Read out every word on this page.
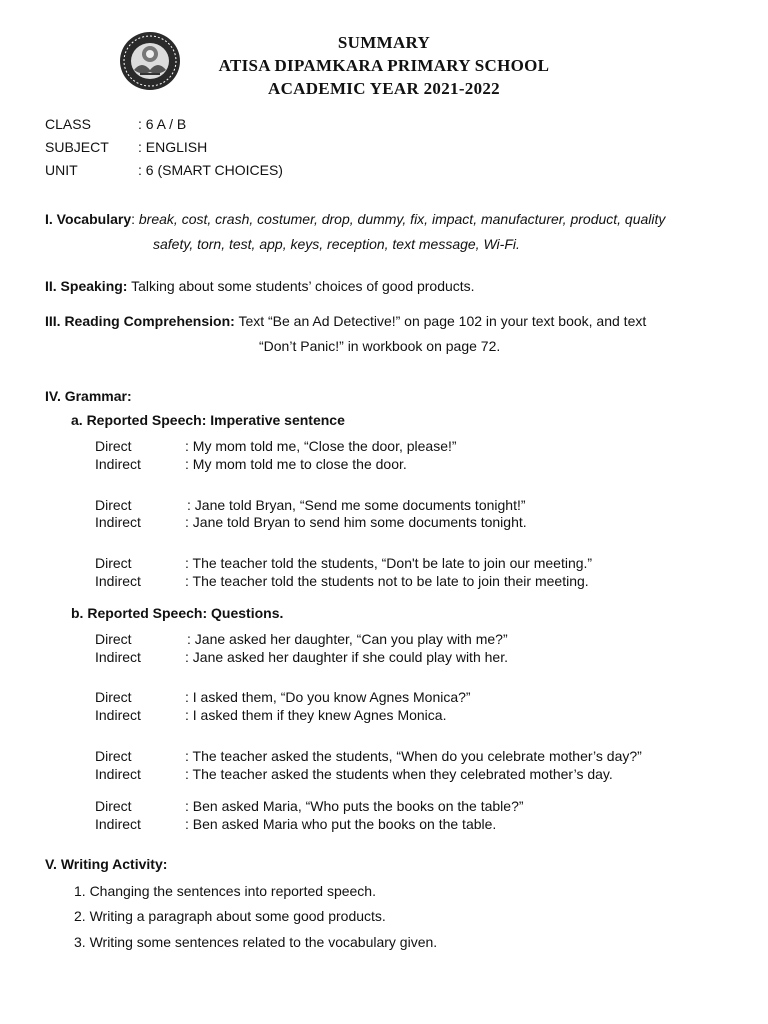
SUMMARY
ATISA DIPAMKARA PRIMARY SCHOOL
ACADEMIC YEAR 2021-2022
CLASS	: 6 A / B
SUBJECT : ENGLISH
UNIT	: 6 (SMART CHOICES)
I. Vocabulary: break, cost, crash, costumer, drop, dummy, fix, impact, manufacturer, product, quality
safety, torn, test, app, keys, reception, text message, Wi-Fi.
II. Speaking: Talking about some students’ choices of good products.
III. Reading Comprehension: Text “Be an Ad Detective!” on page 102 in your text book, and text
“Don’t Panic!” in workbook on page 72.
IV. Grammar:
a. Reported Speech: Imperative sentence
Direct	: My mom told me, “Close the door, please!”
Indirect	: My mom told me to close the door.
Direct	: Jane told Bryan, “Send me some documents tonight!”
Indirect	: Jane told Bryan to send him some documents tonight.
Direct	: The teacher told the students, “Don't be late to join our meeting.”
Indirect	: The teacher told the students not to be late to join their meeting.
b. Reported Speech: Questions.
Direct	: Jane asked her daughter, “Can you play with me?”
Indirect	: Jane asked her daughter if she could play with her.
Direct	: I asked them, “Do you know Agnes Monica?”
Indirect	: I asked them if they knew Agnes Monica.
Direct	: The teacher asked the students, “When do you celebrate mother’s day?”
Indirect	: The teacher asked the students when they celebrated mother’s day.
Direct	: Ben asked Maria, “Who puts the books on the table?”
Indirect	: Ben asked Maria who put the books on the table.
V. Writing Activity:
1. Changing the sentences into reported speech.
2. Writing a paragraph about some good products.
3. Writing some sentences related to the vocabulary given.
